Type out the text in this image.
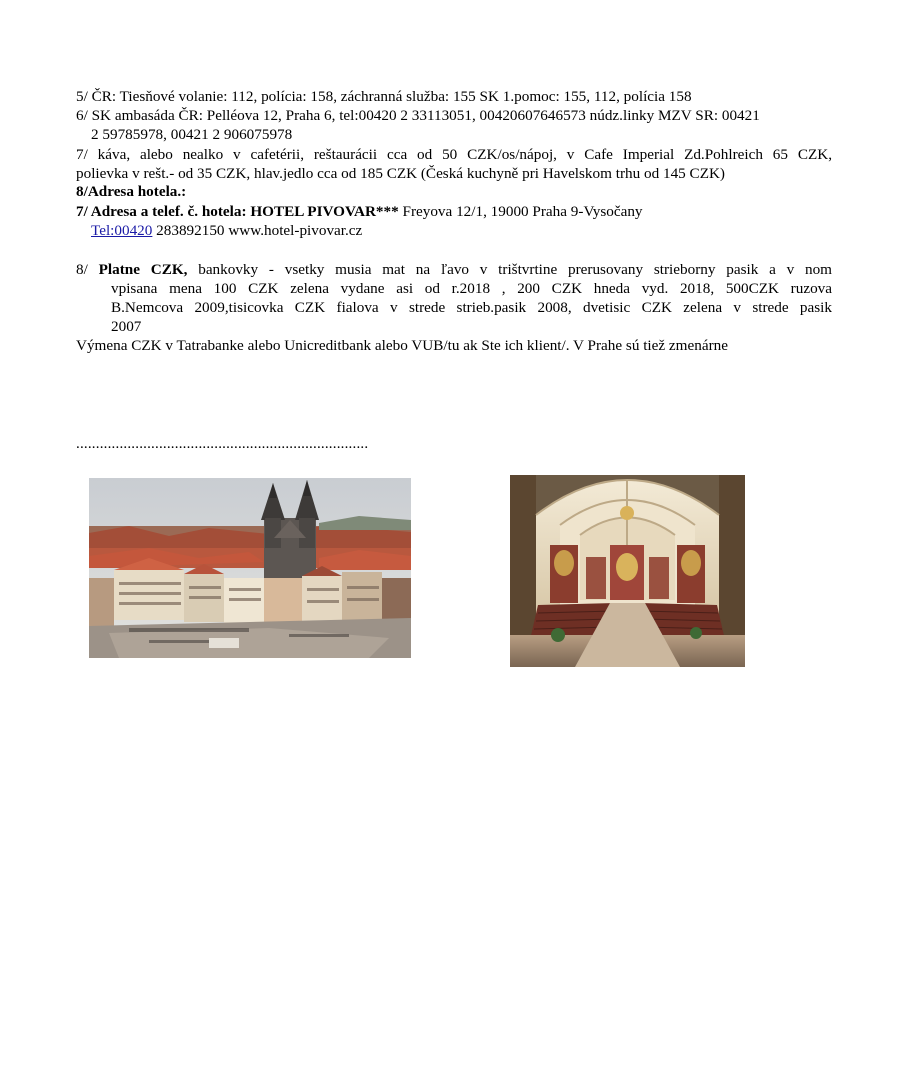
5/ ČR: Tiesňové volanie: 112, polícia: 158, záchranná služba: 155 SK 1.pomoc: 155, 112, polícia 158
6/ SK ambasáda ČR: Pelléova 12, Praha 6, tel:00420 2 33113051, 00420607646573 núdz.linky MZV SR: 00421
2 59785978, 00421 2 906075978
7/ káva, alebo nealko v cafetérii, reštaurácii cca od 50 CZK/os/nápoj, v Cafe Imperial Zd.Pohlreich 65 CZK,
polievka v rešt.- od 35 CZK, hlav.jedlo cca od 185 CZK (Česká kuchyně pri Havelskom trhu od 145 CZK)
8/Adresa hotela.:
7/ Adresa a telef. č. hotela: HOTEL PIVOVAR*** Freyova 12/1, 19000 Praha 9-Vysočany
Tel:00420 283892150 www.hotel-pivovar.cz
8/ Platne CZK, bankovky - vsetky musia mat na ľavo v trištvrtine prerusovany strieborny pasik a v nom
vpisana mena 100 CZK zelena vydane asi od r.2018 , 200 CZK hneda vyd. 2018, 500CZK ruzova
B.Nemcova 2009,tisicovka CZK fialova v strede strieb.pasik 2008, dvetisic CZK zelena v strede pasik
2007
Výmena CZK v Tatrabanke alebo Unicreditbank alebo VUB/tu ak Ste ich klient/. V Prahe sú tiež zmenárne
..........................................................................
